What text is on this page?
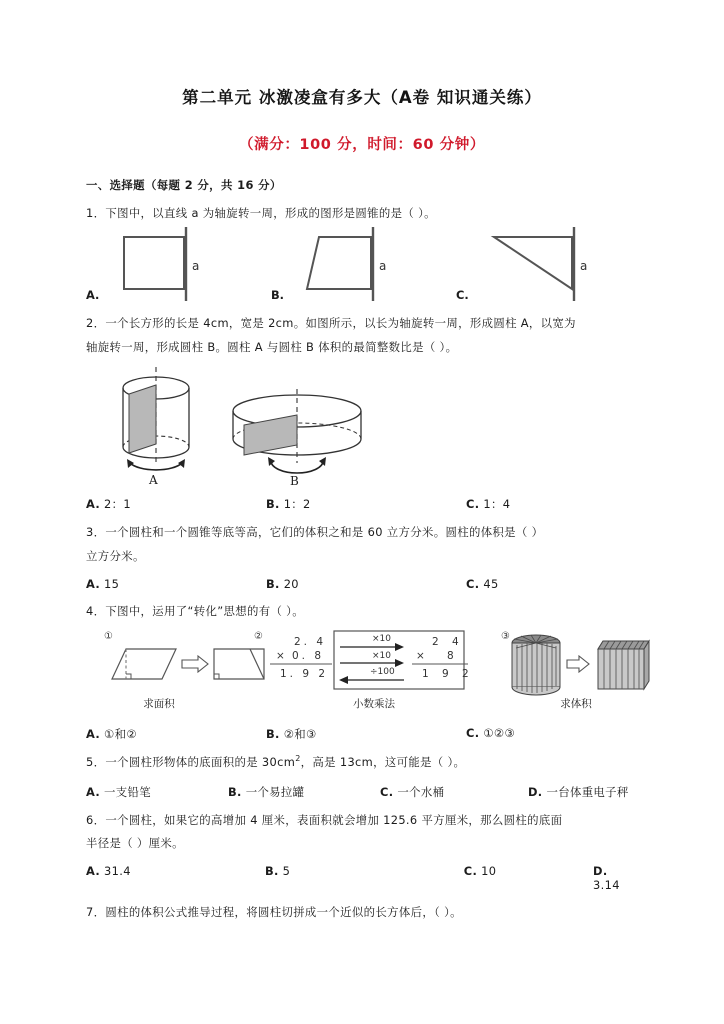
第二单元 冰激凌盒有多大（A卷 知识通关练）
（满分：100 分，时间：60 分钟）
一、选择题（每题 2 分，共 16 分）
1．下图中，以直线 a 为轴旋转一周，形成的图形是圆锥的是（ ）。
a
A.
a
B.
a
C.
2．一个长方形的长是 4cm，宽是 2cm。如图所示，以长为轴旋转一周，形成圆柱 A，以宽为
轴旋转一周，形成圆柱 B。圆柱 A 与圆柱 B 体积的最简整数比是（ ）。
A	B
A. 2：1	B. 1：2	C. 1：4
3．一个圆柱和一个圆锥等底等高，它们的体积之和是 60 立方分米。圆柱的体积是（ ）
立方分米。
A. 15	B. 20	C. 45
4．下图中，运用了“转化”思想的有（ ）。
①
求面积
②	2. 4
× 0. 8
1. 9 2
×10
×10
÷100
2 4
× 8
1 9 2
小数乘法
③
求体积
A. ①和②	B. ②和③	C. ①②③
5．一个圆柱形物体的底面积的是 $30cm^2$，高是 13cm，这可能是（ ）。
A. 一支铅笔	B. 一个易拉罐	C. 一个水桶	D. 一台体重电子秤
6．一个圆柱，如果它的高增加 4 厘米，表面积就会增加 125.6 平方厘米，那么圆柱的底面
半径是（ ）厘米。
A. 31.4	B. 5	C. 10	D. 3.14
7．圆柱的体积公式推导过程，将圆柱切拼成一个近似的长方体后，（ ）。
